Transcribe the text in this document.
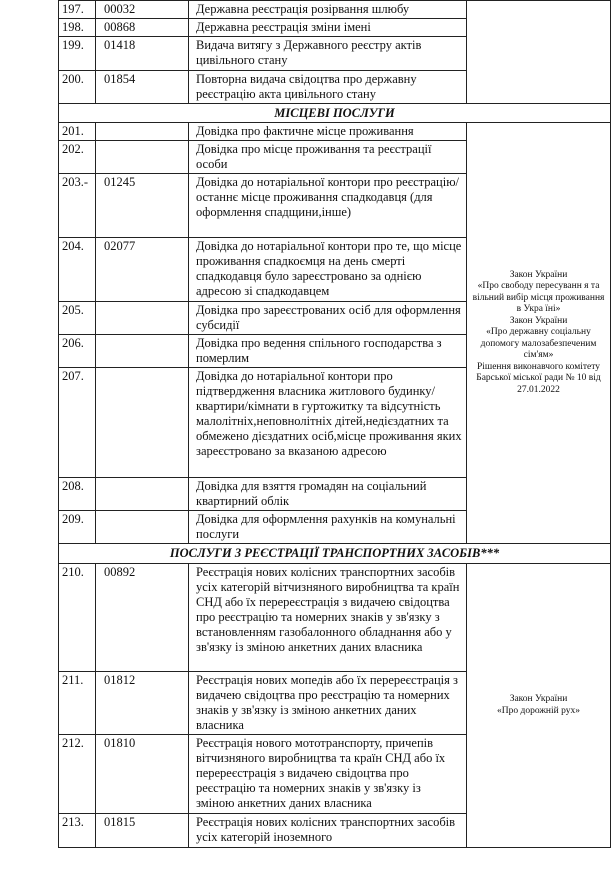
197.	00032	Державна реєстрація розірвання шлюбу	
198.	00868	Державна реєстрація зміни імені	
199.	01418	Видача витягу з Державного реєстру актів цивільного стану	
200.	01854	Повторна видача свідоцтва про державну реєстрацію акта цивільного стану	
МІСЦЕВІ ПОСЛУГИ			
201.		Довідка про фактичне місце проживання	Закон України
«Про свободу пересуванн я та вільний вибір місця проживання в Укра їні»
Закон України
«Про державну соціальну допомогу малозабезпеченим сім'ям»
Рішення виконавчого комітету Барської міської ради № 10 від 27.01.2022

202.		Довідка про місце проживання та реєстрації особи	
203.-	01245	Довідка до нотаріальної контори про реєстрацію/останнє місце проживання спадкодавця (для оформлення спадщини,інше)	
204.	02077	Довідка до нотаріальної контори про те, що місце проживання спадкоємця на день смерті спадкодавця було зареєстровано за однією адресою зі спадкодавцем	
205.		Довідка про зареєстрованих осіб для оформлення субсидії	
206.		Довідка про ведення спільного господарства з померлим	
207.		Довідка до нотаріальної контори про підтвердження власника житлового будинку/квартири/кімнати в гуртожитку та відсутність малолітніх,неповнолітніх дітей,недієздатних та обмежено дієздатних осіб,місце проживання яких зареєстровано за вказаною адресою	
208.		Довідка для взяття громадян на соціальний квартирний облік	
209.		Довідка для оформлення рахунків на комунальні послуги	
ПОСЛУГИ З РЕЄСТРАЦІЇ ТРАНСПОРТНИХ ЗАСОБІВ***			
210.	00892	Реєстрація нових колісних транспортних засобів усіх категорій вітчизняного виробництва та країн СНД або їх перереєстрація з видачею свідоцтва про реєстрацію та номерних знаків у зв'язку з встановленням газобалонного обладнання або у зв'язку із зміною анкетних даних власника	Закон України
«Про дорожній рух»

211.	01812	Реєстрація нових мопедів або їх перереєстрація з видачею свідоцтва про реєстрацію та номерних знаків у зв'язку із зміною анкетних даних власника	
212.	01810	Реєстрація нового мототранспорту, причепів вітчизняного виробництва та країн СНД або їх перереєстрація з видачею свідоцтва про реєстрацію та номерних знаків у зв'язку із зміною анкетних даних власника	
213.	01815	Реєстрація нових колісних транспортних засобів усіх категорій іноземного	
